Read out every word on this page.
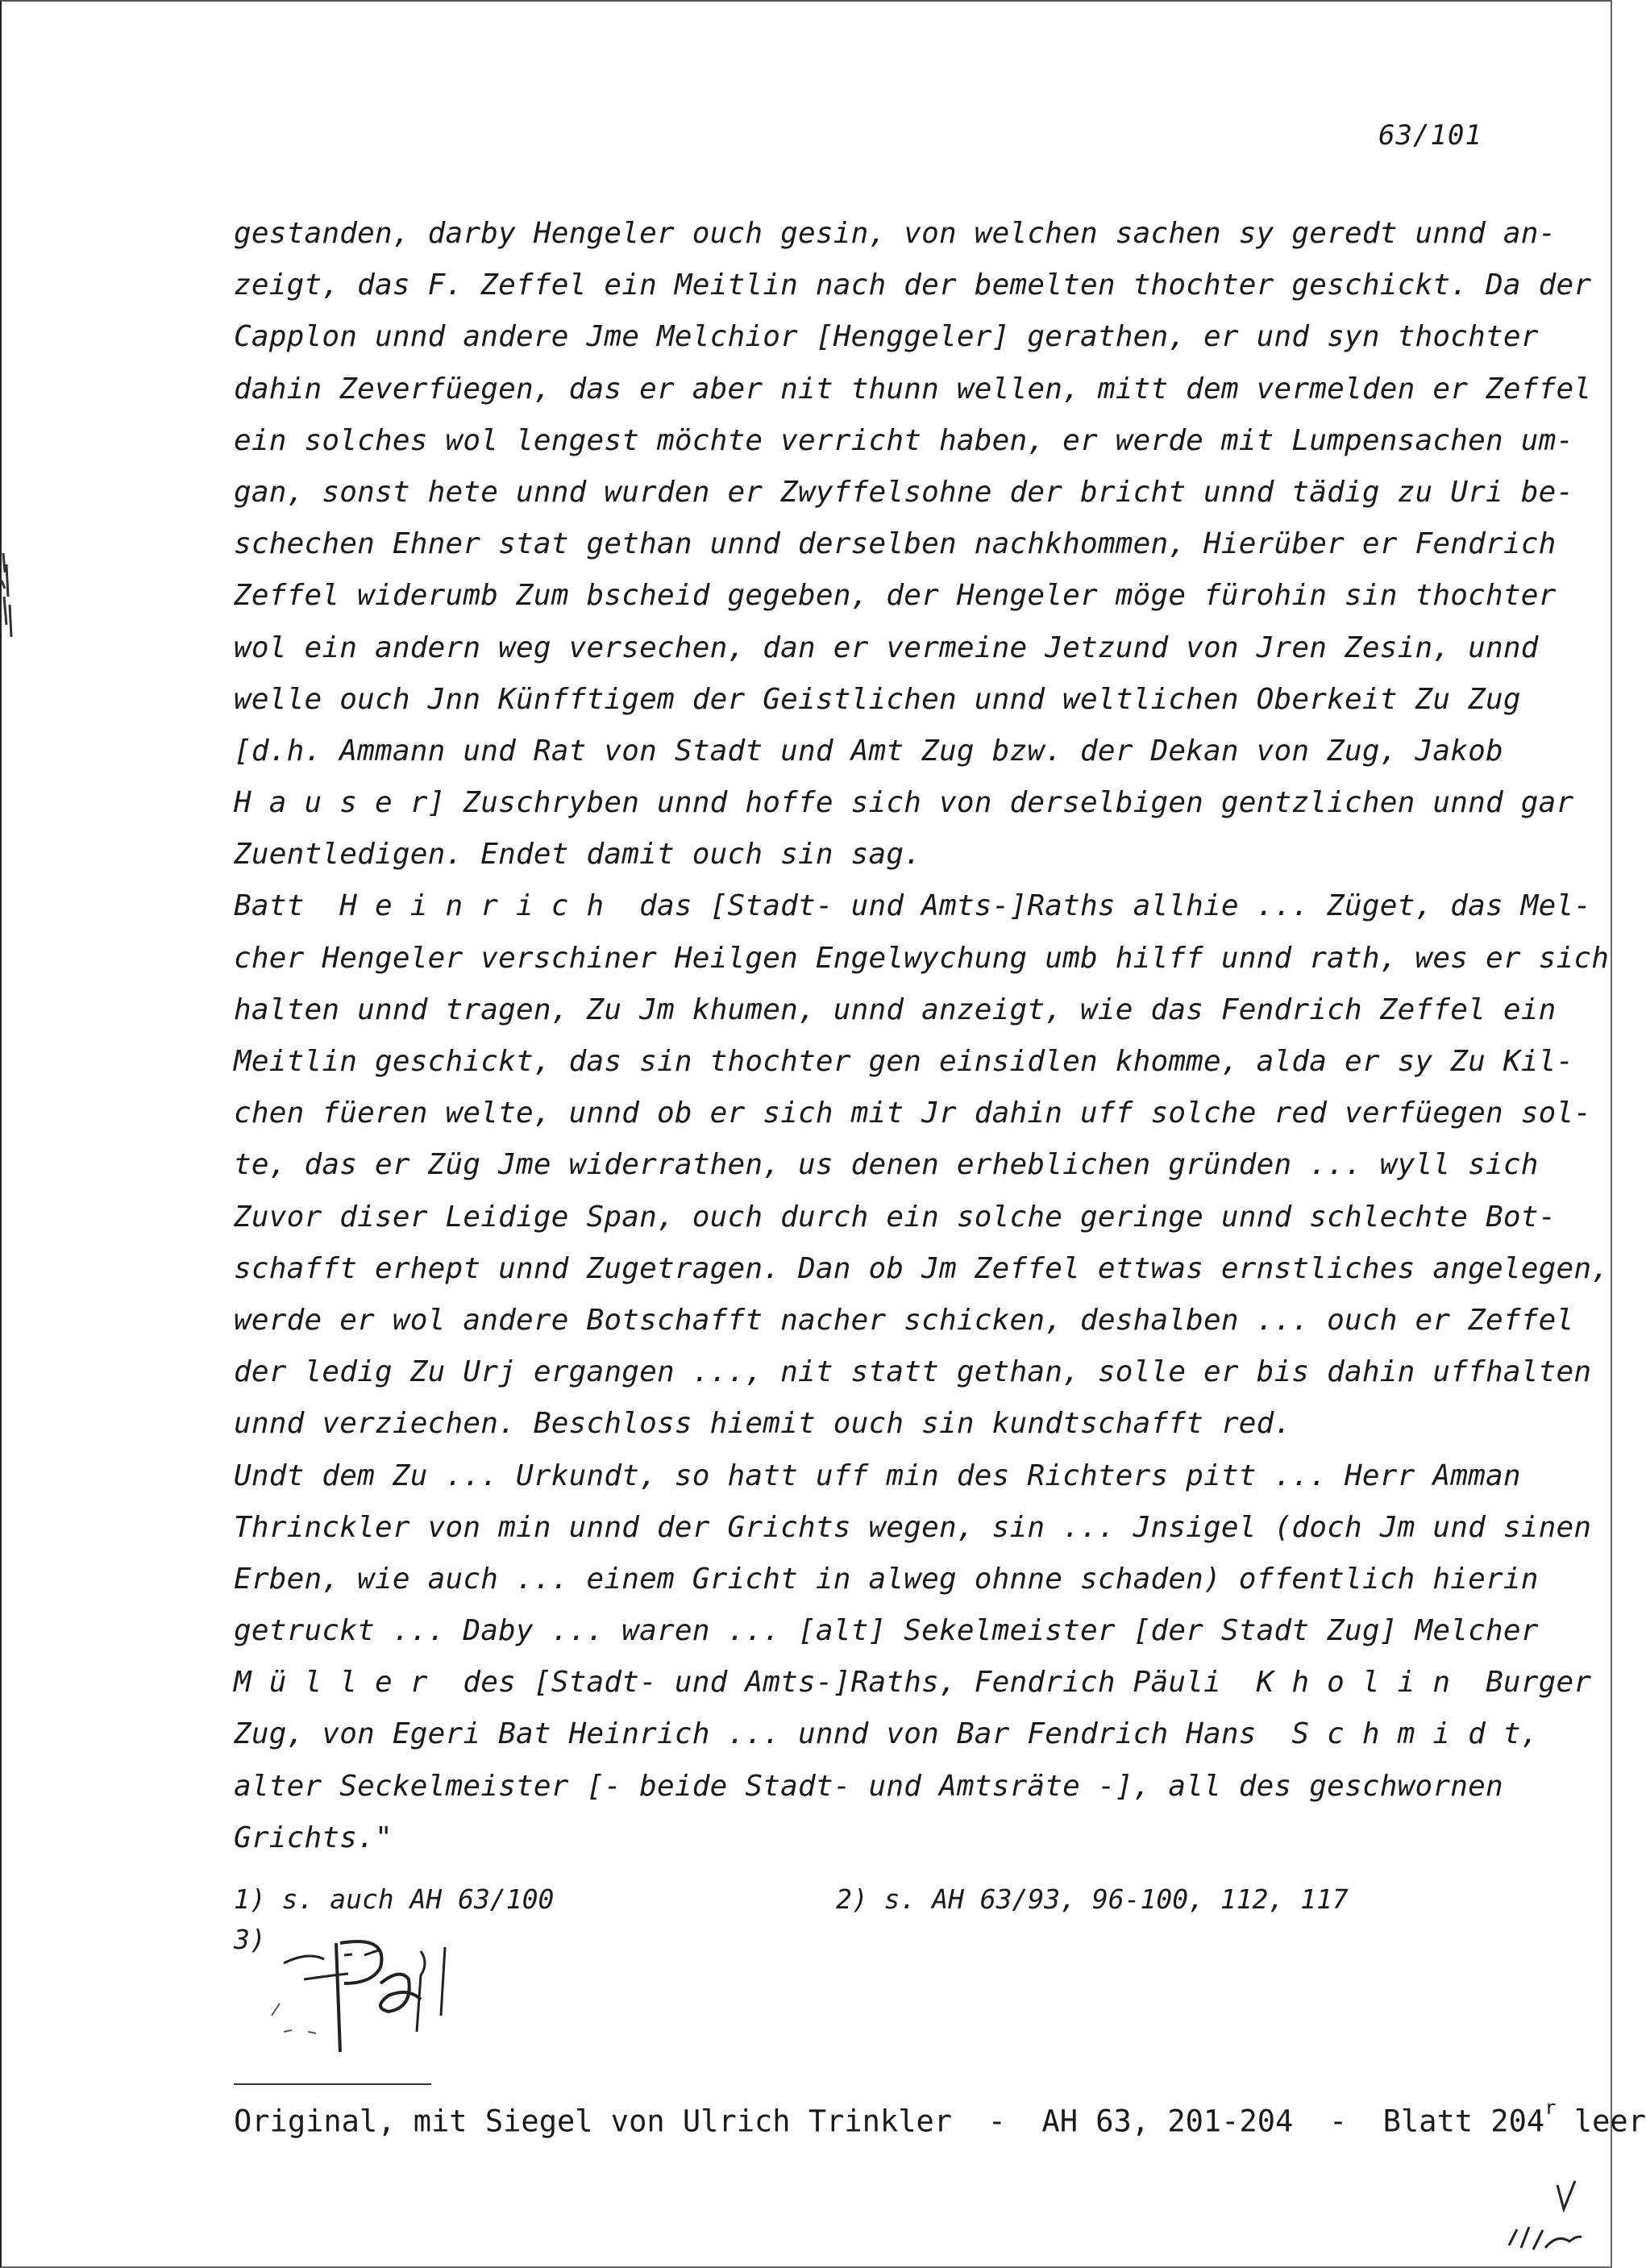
63/101
gestanden, darby Hengeler ouch gesin, von welchen sachen sy geredt unnd an-
zeigt, das F. Zeffel ein Meitlin nach der bemelten thochter geschickt. Da der
Capplon unnd andere Jme Melchior [Henggeler] gerathen, er und syn thochter
dahin Zeverfüegen, das er aber nit thunn wellen, mitt dem vermelden er Zeffel
ein solches wol lengest möchte verricht haben, er werde mit Lumpensachen um-
gan, sonst hete unnd wurden er Zwyffelsohne der bricht unnd tädig zu Uri be-
schechen Ehner stat gethan unnd derselben nachkhommen, Hierüber er Fendrich
Zeffel widerumb Zum bscheid gegeben, der Hengeler möge fürohin sin thochter
wol ein andern weg versechen, dan er vermeine Jetzund von Jren Zesin, unnd
welle ouch Jnn Künfftigem der Geistlichen unnd weltlichen Oberkeit Zu Zug
[d.h. Ammann und Rat von Stadt und Amt Zug bzw. der Dekan von Zug, Jakob
H a u s e r] Zuschryben unnd hoffe sich von derselbigen gentzlichen unnd gar
Zuentledigen. Endet damit ouch sin sag.
Batt  H e i n r i c h  das [Stadt- und Amts-]Raths allhie ... Züget, das Mel-
cher Hengeler verschiner Heilgen Engelwychung umb hilff unnd rath, wes er sich
halten unnd tragen, Zu Jm khumen, unnd anzeigt, wie das Fendrich Zeffel ein
Meitlin geschickt, das sin thochter gen einsidlen khomme, alda er sy Zu Kil-
chen füeren welte, unnd ob er sich mit Jr dahin uff solche red verfüegen sol-
te, das er Züg Jme widerrathen, us denen erheblichen gründen ... wyll sich
Zuvor diser Leidige Span, ouch durch ein solche geringe unnd schlechte Bot-
schafft erhept unnd Zugetragen. Dan ob Jm Zeffel ettwas ernstliches angelegen,
werde er wol andere Botschafft nacher schicken, deshalben ... ouch er Zeffel
der ledig Zu Urj ergangen ..., nit statt gethan, solle er bis dahin uffhalten
unnd verziechen. Beschloss hiemit ouch sin kundtschafft red.
Undt dem Zu ... Urkundt, so hatt uff min des Richters pitt ... Herr Amman
Thrinckler von min unnd der Grichts wegen, sin ... Jnsigel (doch Jm und sinen
Erben, wie auch ... einem Gricht in alweg ohnne schaden) offentlich hierin
getruckt ... Daby ... waren ... [alt] Sekelmeister [der Stadt Zug] Melcher
M ü l l e r  des [Stadt- und Amts-]Raths, Fendrich Päuli  K h o l i n  Burger
Zug, von Egeri Bat Heinrich ... unnd von Bar Fendrich Hans  S c h m i d t,
alter Seckelmeister [- beide Stadt- und Amtsräte -], all des geschwornen
Grichts."
1) s. auch AH 63/100	2) s. AH 63/93, 96-100, 112, 117
3)
Original, mit Siegel von Ulrich Trinkler  -  AH 63, 201-204  -  Blatt 204$^r$ leer
